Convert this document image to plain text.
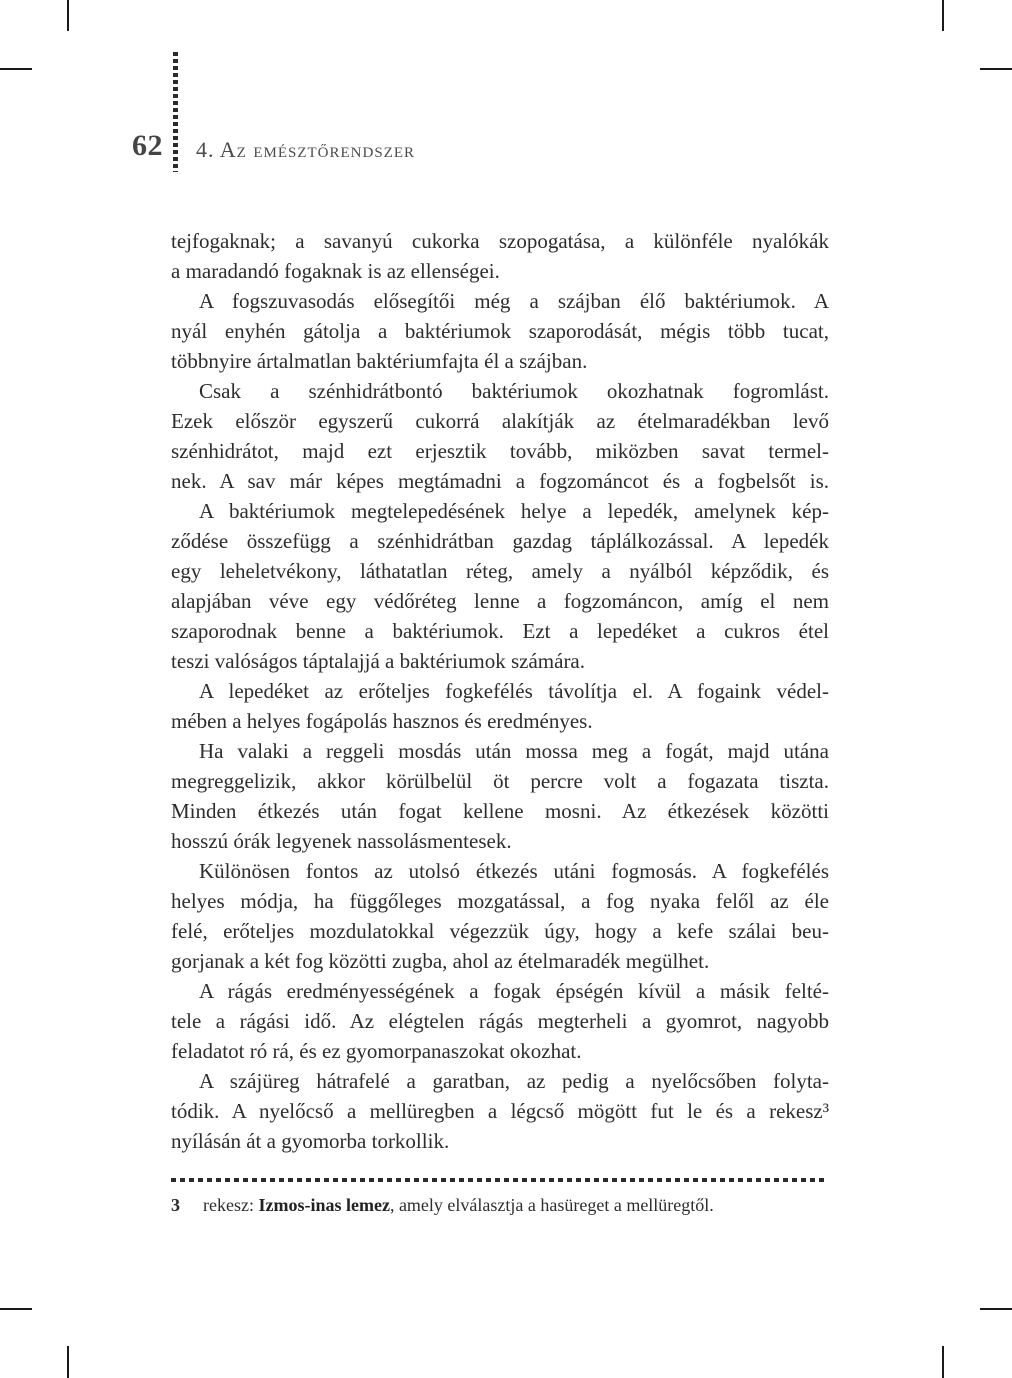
62 4. Az emésztőrendszer
tejfogaknak; a savanyú cukorka szopogatása, a különféle nyalókák
a maradandó fogaknak is az ellenségei.
A fogszuvasodás elősegítői még a szájban élő baktériumok. A
nyál enyhén gátolja a baktériumok szaporodását, mégis több tucat,
többnyire ártalmatlan baktériumfajta él a szájban.
Csak a szénhidrátbontó baktériumok okozhatnak fogromlást.
Ezek először egyszerű cukorrá alakítják az ételmaradékban levő
szénhidrátot, majd ezt erjesztik tovább, miközben savat termel-
nek. A sav már képes megtámadni a fogzománcot és a fogbelsőt is.
A baktériumok megtelepedésének helye a lepedék, amelynek kép-
ződése összefügg a szénhidrátban gazdag táplálkozással. A lepedék
egy leheletvékony, láthatatlan réteg, amely a nyálból képződik, és
alapjában véve egy védőréteg lenne a fogzománcon, amíg el nem
szaporodnak benne a baktériumok. Ezt a lepedéket a cukros étel
teszi valóságos táptalajjá a baktériumok számára.
A lepedéket az erőteljes fogkefélés távolítja el. A fogaink védel-
mében a helyes fogápolás hasznos és eredményes.
Ha valaki a reggeli mosdás után mossa meg a fogát, majd utána
megreggelizik, akkor körülbelül öt percre volt a fogazata tiszta.
Minden étkezés után fogat kellene mosni. Az étkezések közötti
hosszú órák legyenek nassolásmentesek.
Különösen fontos az utolsó étkezés utáni fogmosás. A fogkefélés
helyes módja, ha függőleges mozgatással, a fog nyaka felől az éle
felé, erőteljes mozdulatokkal végezzük úgy, hogy a kefe szálai beu-
gorjanak a két fog közötti zugba, ahol az ételmaradék megülhet.
A rágás eredményességének a fogak épségén kívül a másik felté-
tele a rágási idő. Az elégtelen rágás megterheli a gyomrot, nagyobb
feladatot ró rá, és ez gyomorpanaszokat okozhat.
A szájüreg hátrafelé a garatban, az pedig a nyelőcsőben folyta-
tódik. A nyelőcső a mellüregben a légcső mögött fut le és a rekesz³
nyílásán át a gyomorba torkollik.
3 rekesz: Izmos-inas lemez, amely elválasztja a hasüreget a mellüregtől.
